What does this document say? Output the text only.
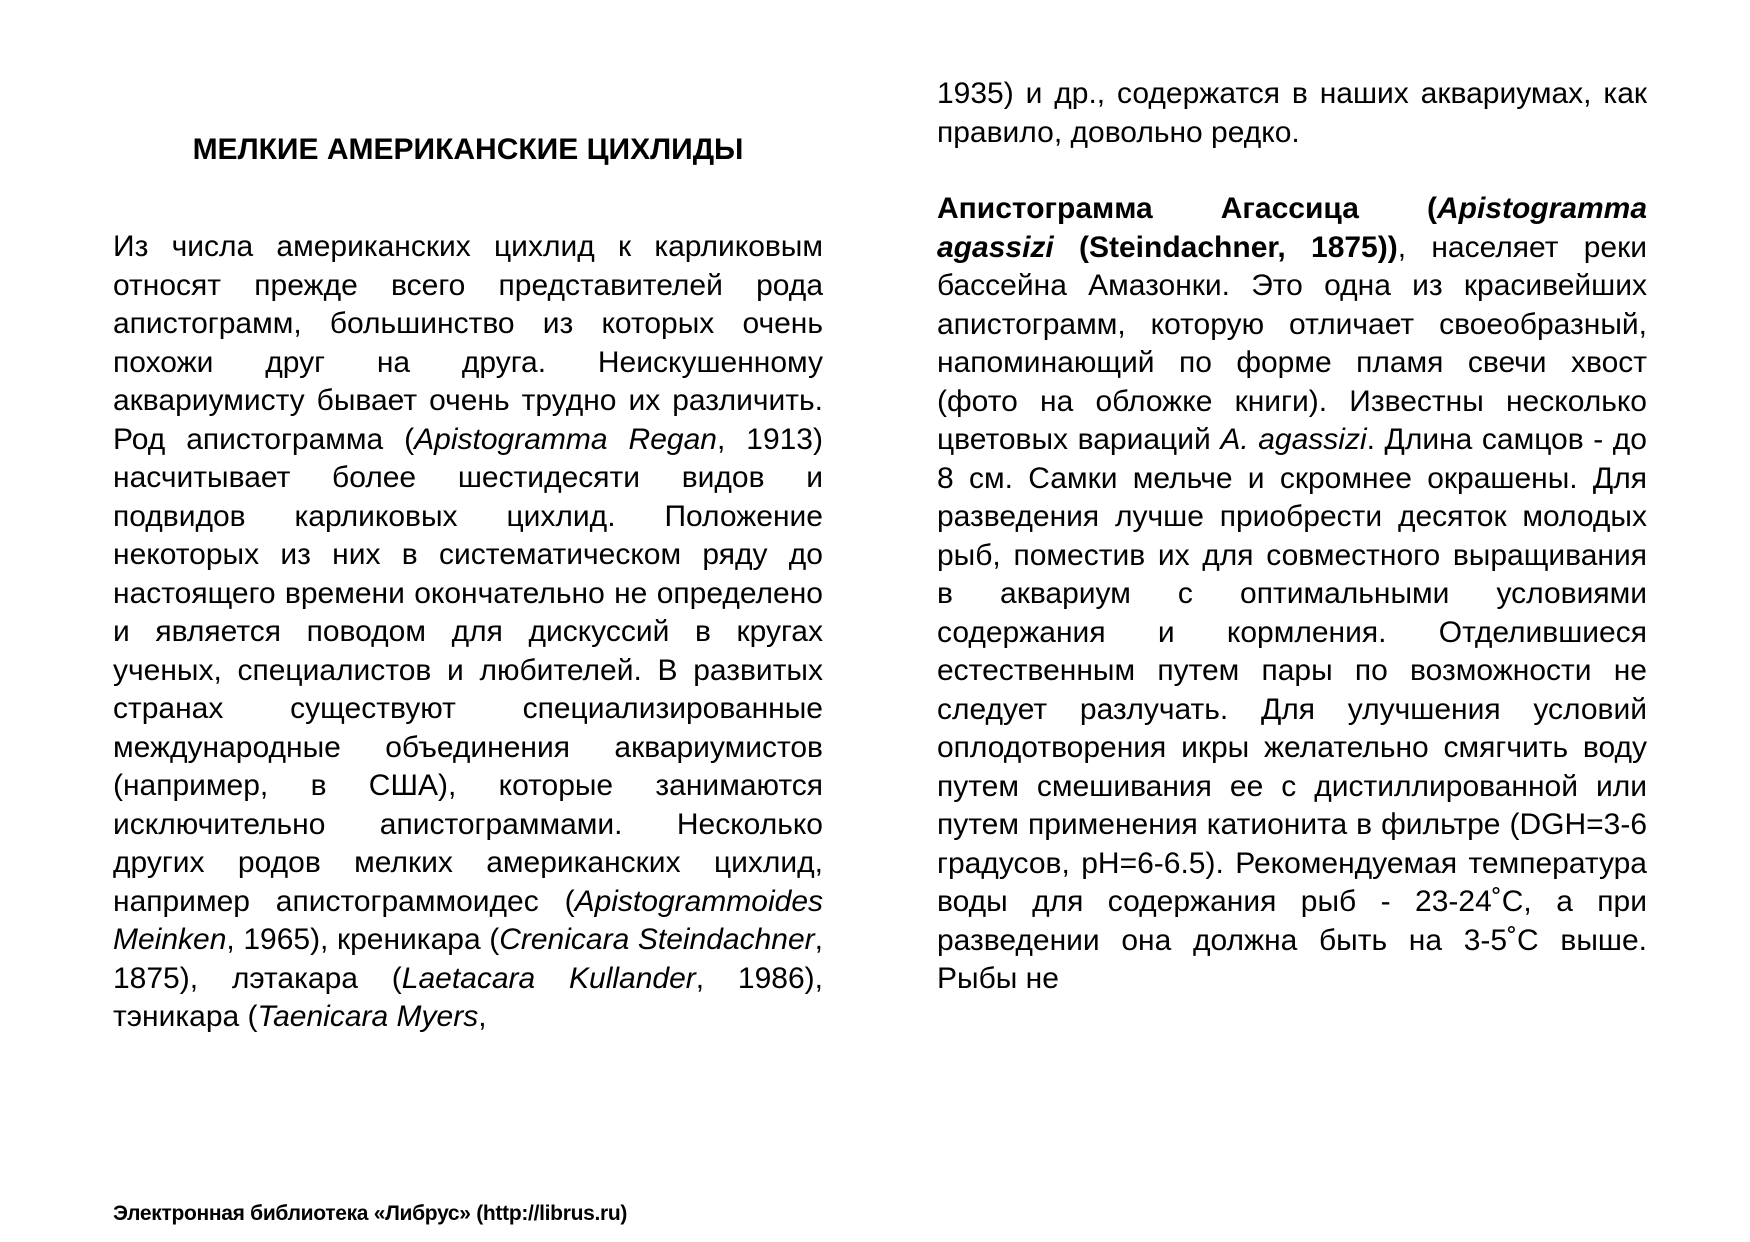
МЕЛКИЕ АМЕРИКАНСКИЕ ЦИХЛИДЫ

Из числа американских цихлид к карликовым относят прежде всего представителей рода апистограмм, большинство из которых очень похожи друг на друга. Неискушенному аквариумисту бывает очень трудно их различить. Род апистограмма (Apistogramma Regan, 1913) насчитывает более шестидесяти видов и подвидов карликовых цихлид. Положение некоторых из них в систематическом ряду до настоящего времени окончательно не определено и является поводом для дискуссий в кругах ученых, специалистов и любителей. В развитых странах существуют специализированные международные объединения аквариумистов (например, в США), которые занимаются исключительно апистограммами. Несколько других родов мелких американских цихлид, например апистограммоидес (Apistogrammoides Meinken, 1965), креникара (Crenicara Steindachner, 1875), лэтакара (Laetacara Kullander, 1986), тэникара (Taenicara Myers,

1935) и др., содержатся в наших аквариумах, как правило, довольно редко.

Апистограмма Агассица (Apistogramma agassizi (Steindachner, 1875)), населяет реки бассейна Амазонки. Это одна из красивейших апистограмм, которую отличает своеобразный, напоминающий по форме пламя свечи хвост (фото на обложке книги). Известны несколько цветовых вариаций A. agassizi. Длина самцов - до 8 см. Самки мельче и скромнее окрашены. Для разведения лучше приобрести десяток молодых рыб, поместив их для совместного выращивания в аквариум с оптимальными условиями содержания и кормления. Отделившиеся естественным путем пары по возможности не следует разлучать. Для улучшения условий оплодотворения икры желательно смягчить воду путем смешивания ее с дистиллированной или путем применения катионита в фильтре (DGH=3-6 градусов, pH=6-6.5). Рекомендуемая температура воды для содержания рыб - 23-24˚С, а при разведении она должна быть на 3-5˚С выше. Рыбы не

Электронная библиотека «Либрус» (http://librus.ru)
